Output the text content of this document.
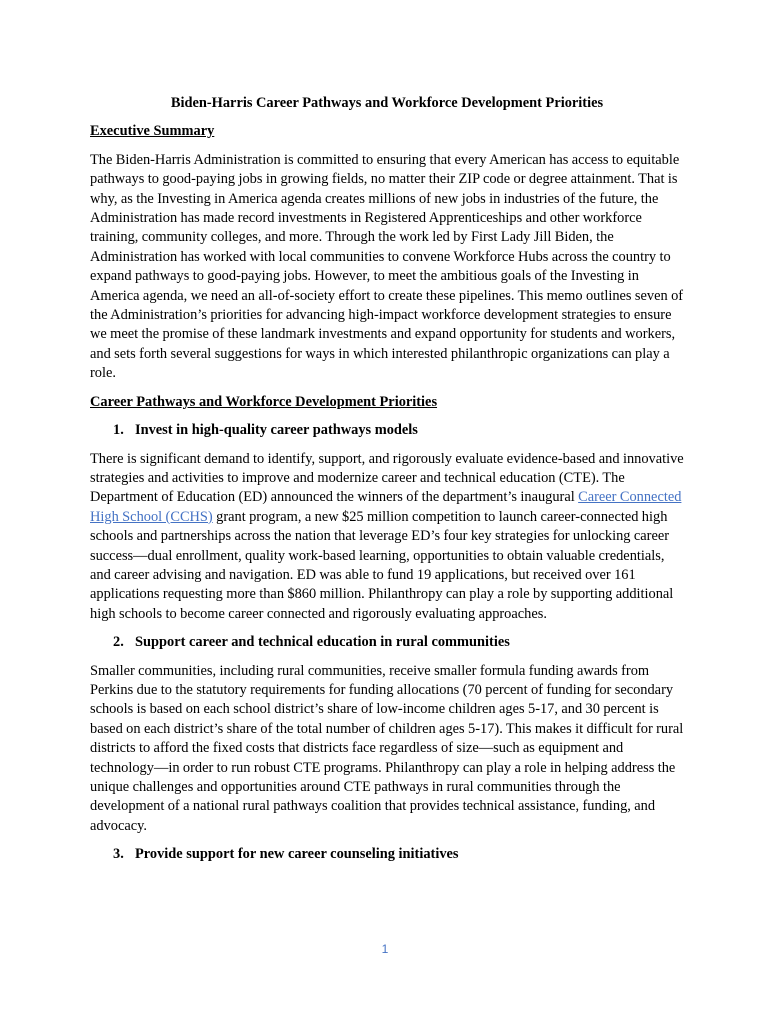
Biden-Harris Career Pathways and Workforce Development Priorities
Executive Summary

The Biden-Harris Administration is committed to ensuring that every American has access to equitable pathways to good-paying jobs in growing fields, no matter their ZIP code or degree attainment. That is why, as the Investing in America agenda creates millions of new jobs in industries of the future, the Administration has made record investments in Registered Apprenticeships and other workforce training, community colleges, and more. Through the work led by First Lady Jill Biden, the Administration has worked with local communities to convene Workforce Hubs across the country to expand pathways to good-paying jobs. However, to meet the ambitious goals of the Investing in America agenda, we need an all-of-society effort to create these pipelines. This memo outlines seven of the Administration’s priorities for advancing high-impact workforce development strategies to ensure we meet the promise of these landmark investments and expand opportunity for students and workers, and sets forth several suggestions for ways in which interested philanthropic organizations can play a role.

Career Pathways and Workforce Development Priorities
1. Invest in high-quality career pathways models

There is significant demand to identify, support, and rigorously evaluate evidence-based and innovative strategies and activities to improve and modernize career and technical education (CTE). The Department of Education (ED) announced the winners of the department’s inaugural Career Connected High School (CCHS) grant program, a new $25 million competition to launch career-connected high schools and partnerships across the nation that leverage ED’s four key strategies for unlocking career success—dual enrollment, quality work-based learning, opportunities to obtain valuable credentials, and career advising and navigation. ED was able to fund 19 applications, but received over 161 applications requesting more than $860 million. Philanthropy can play a role by supporting additional high schools to become career connected and rigorously evaluating approaches.

2. Support career and technical education in rural communities

Smaller communities, including rural communities, receive smaller formula funding awards from Perkins due to the statutory requirements for funding allocations (70 percent of funding for secondary schools is based on each school district’s share of low-income children ages 5-17, and 30 percent is based on each district’s share of the total number of children ages 5-17). This makes it difficult for rural districts to afford the fixed costs that districts face regardless of size—such as equipment and technology—in order to run robust CTE programs. Philanthropy can play a role in helping address the unique challenges and opportunities around CTE pathways in rural communities through the development of a national rural pathways coalition that provides technical assistance, funding, and advocacy.

3. Provide support for new career counseling initiatives
1
